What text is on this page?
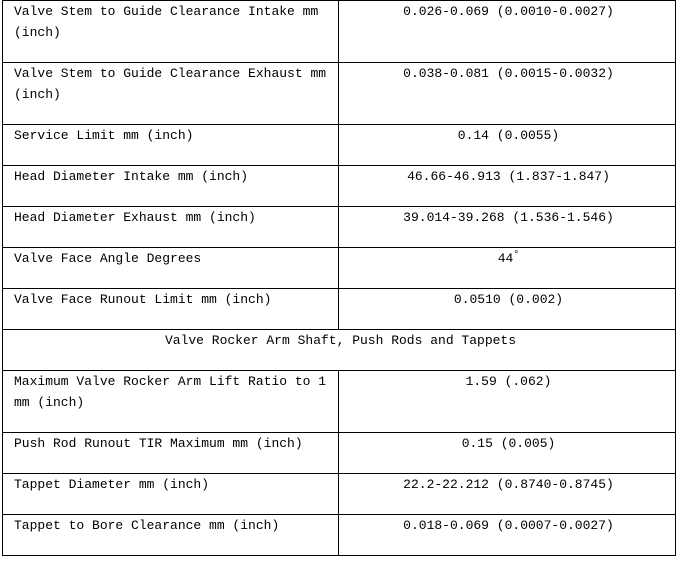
Valve Stem to Guide Clearance Intake mm (inch)	0.026-0.069 (0.0010-0.0027)
Valve Stem to Guide Clearance Exhaust mm (inch)	0.038-0.081 (0.0015-0.0032)
Service Limit mm (inch)	0.14 (0.0055)
Head Diameter Intake mm (inch)	46.66-46.913 (1.837-1.847)
Head Diameter Exhaust mm (inch)	39.014-39.268 (1.536-1.546)
Valve Face Angle Degrees	44°
Valve Face Runout Limit mm (inch)	0.0510 (0.002)
Valve Rocker Arm Shaft, Push Rods and Tappets	
Maximum Valve Rocker Arm Lift Ratio to 1 mm (inch)	1.59 (.062)
Push Rod Runout TIR Maximum mm (inch)	0.15 (0.005)
Tappet Diameter mm (inch)	22.2-22.212 (0.8740-0.8745)
Tappet to Bore Clearance mm (inch)	0.018-0.069 (0.0007-0.0027)
